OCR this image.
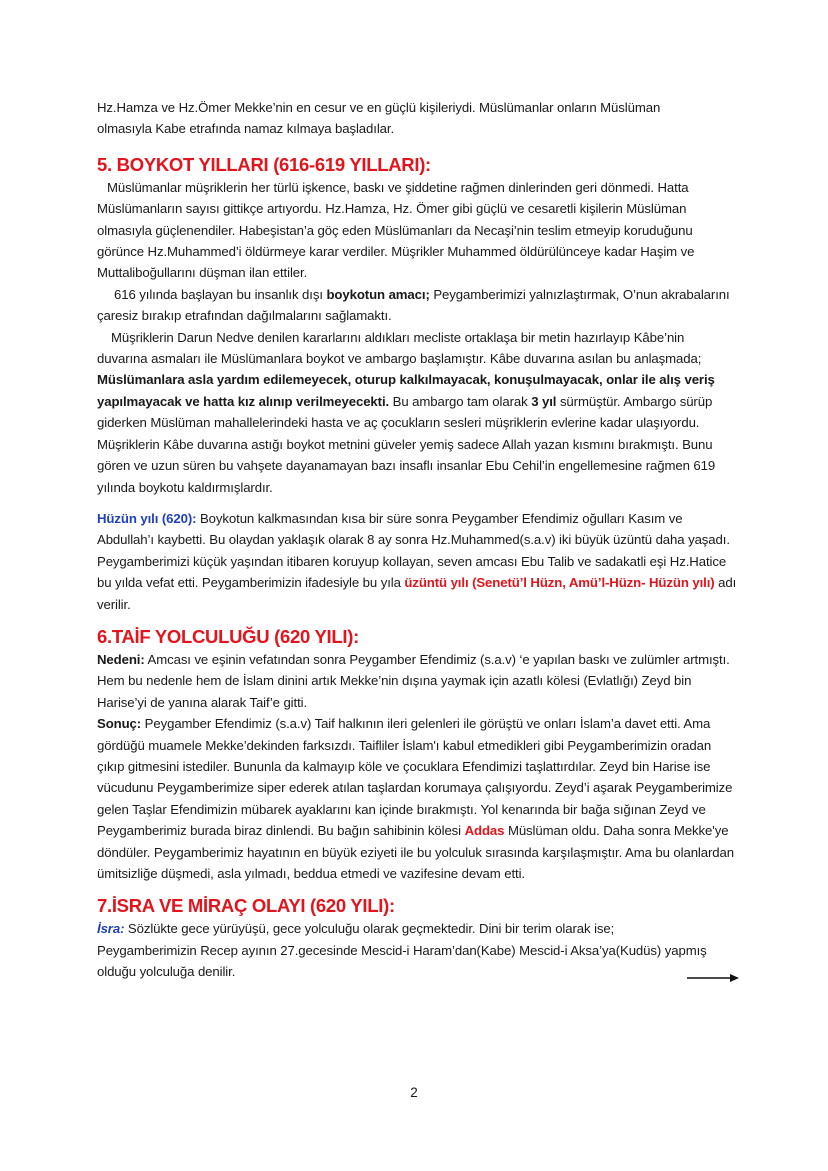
Hz.Hamza ve Hz.Ömer Mekke’nin en cesur ve en güçlü kişileriydi. Müslümanlar onların Müslüman
olmasıyla Kabe etrafında namaz kılmaya başladılar.

5. BOYKOT YILLARI (616-619 YILLARI):

Müslümanlar müşriklerin her türlü işkence, baskı ve şiddetine rağmen dinlerinden geri dönmedi. Hatta Müslümanların sayısı gittikçe artıyordu. Hz.Hamza, Hz. Ömer gibi güçlü ve cesaretli kişilerin Müslüman olmasıyla güçlenendiler. Habeşistan’a göç eden Müslümanları da Necaşi’nin teslim etmeyip koruduğunu görünce Hz.Muhammed’i öldürmeye karar verdiler. Müşrikler Muhammed öldürülünceye kadar Haşim ve Muttaliboğullarını düşman ilan ettiler.

616 yılında başlayan bu insanlık dışı boykotun amacı; Peygamberimizi yalnızlaştırmak, O’nun akrabalarını çaresiz bırakıp etrafından dağılmalarını sağlamaktı.

Müşriklerin Darun Nedve denilen kararlarını aldıkları mecliste ortaklaşa bir metin hazırlayıp Kâbe’nin duvarına asmaları ile Müslümanlara boykot ve ambargo başlamıştır. Kâbe duvarına asılan bu anlaşmada; Müslümanlara asla yardım edilemeyecek, oturup kalkılmayacak, konuşulmayacak, onlar ile alış veriş yapılmayacak ve hatta kız alınıp verilmeyecekti. Bu ambargo tam olarak 3 yıl sürmüştür. Ambargo sürüp giderken Müslüman mahallelerindeki hasta ve aç çocukların sesleri müşriklerin evlerine kadar ulaşıyordu. Müşriklerin Kâbe duvarına astığı boykot metnini güveler yemiş sadece Allah yazan kısmını bırakmıştı. Bunu gören ve uzun süren bu vahşete dayanamayan bazı insaflı insanlar Ebu Cehil’in engellemesine rağmen 619 yılında boykotu kaldırmışlardır.

Hüzün yılı (620): Boykotun kalkmasından kısa bir süre sonra Peygamber Efendimiz oğulları Kasım ve Abdullah’ı kaybetti. Bu olaydan yaklaşık olarak 8 ay sonra Hz.Muhammed(s.a.v) iki büyük üzüntü daha yaşadı. Peygamberimizi küçük yaşından itibaren koruyup kollayan, seven amcası Ebu Talib ve sadakatli eşi Hz.Hatice bu yılda vefat etti. Peygamberimizin ifadesiyle bu yıla üzüntü yılı (Senetü’l Hüzn, Amü’l-Hüzn- Hüzün yılı) adı verilir.

6.TAİF YOLCULUĞU (620 YILI):

Nedeni: Amcası ve eşinin vefatından sonra Peygamber Efendimiz (s.a.v) ‘e yapılan baskı ve zulümler artmıştı. Hem bu nedenle hem de İslam dinini artık Mekke’nin dışına yaymak için azatlı kölesi (Evlatlığı) Zeyd bin Harise’yi de yanına alarak Taif’e gitti.

Sonuç: Peygamber Efendimiz (s.a.v) Taif halkının ileri gelenleri ile görüştü ve onları İslam’a davet etti. Ama gördüğü muamele Mekke’dekinden farksızdı. Taifliler İslam'ı kabul etmedikleri gibi Peygamberimizin oradan çıkıp gitmesini istediler. Bununla da kalmayıp köle ve çocuklara Efendimizi taşlattırdılar. Zeyd bin Harise ise vücudunu Peygamberimize siper ederek atılan taşlardan korumaya çalışıyordu. Zeyd’i aşarak Peygamberimize gelen Taşlar Efendimizin mübarek ayaklarını kan içinde bırakmıştı. Yol kenarında bir bağa sığınan Zeyd ve Peygamberimiz burada biraz dinlendi. Bu bağın sahibinin kölesi Addas Müslüman oldu. Daha sonra Mekke'ye döndüler. Peygamberimiz hayatının en büyük eziyeti ile bu yolculuk sırasında karşılaşmıştır. Ama bu olanlardan ümitsizliğe düşmedi, asla yılmadı, beddua etmedi ve vazifesine devam etti.

7.İSRA VE MİRAÇ OLAYI (620 YILI):

İsra: Sözlükte gece yürüyüşü, gece yolculuğu olarak geçmektedir. Dini bir terim olarak ise;
Peygamberimizin Recep ayının 27.gecesinde Mescid-i Haram’dan(Kabe) Mescid-i Aksa’ya(Kudüs) yapmış olduğu yolculuğa denilir.

2
